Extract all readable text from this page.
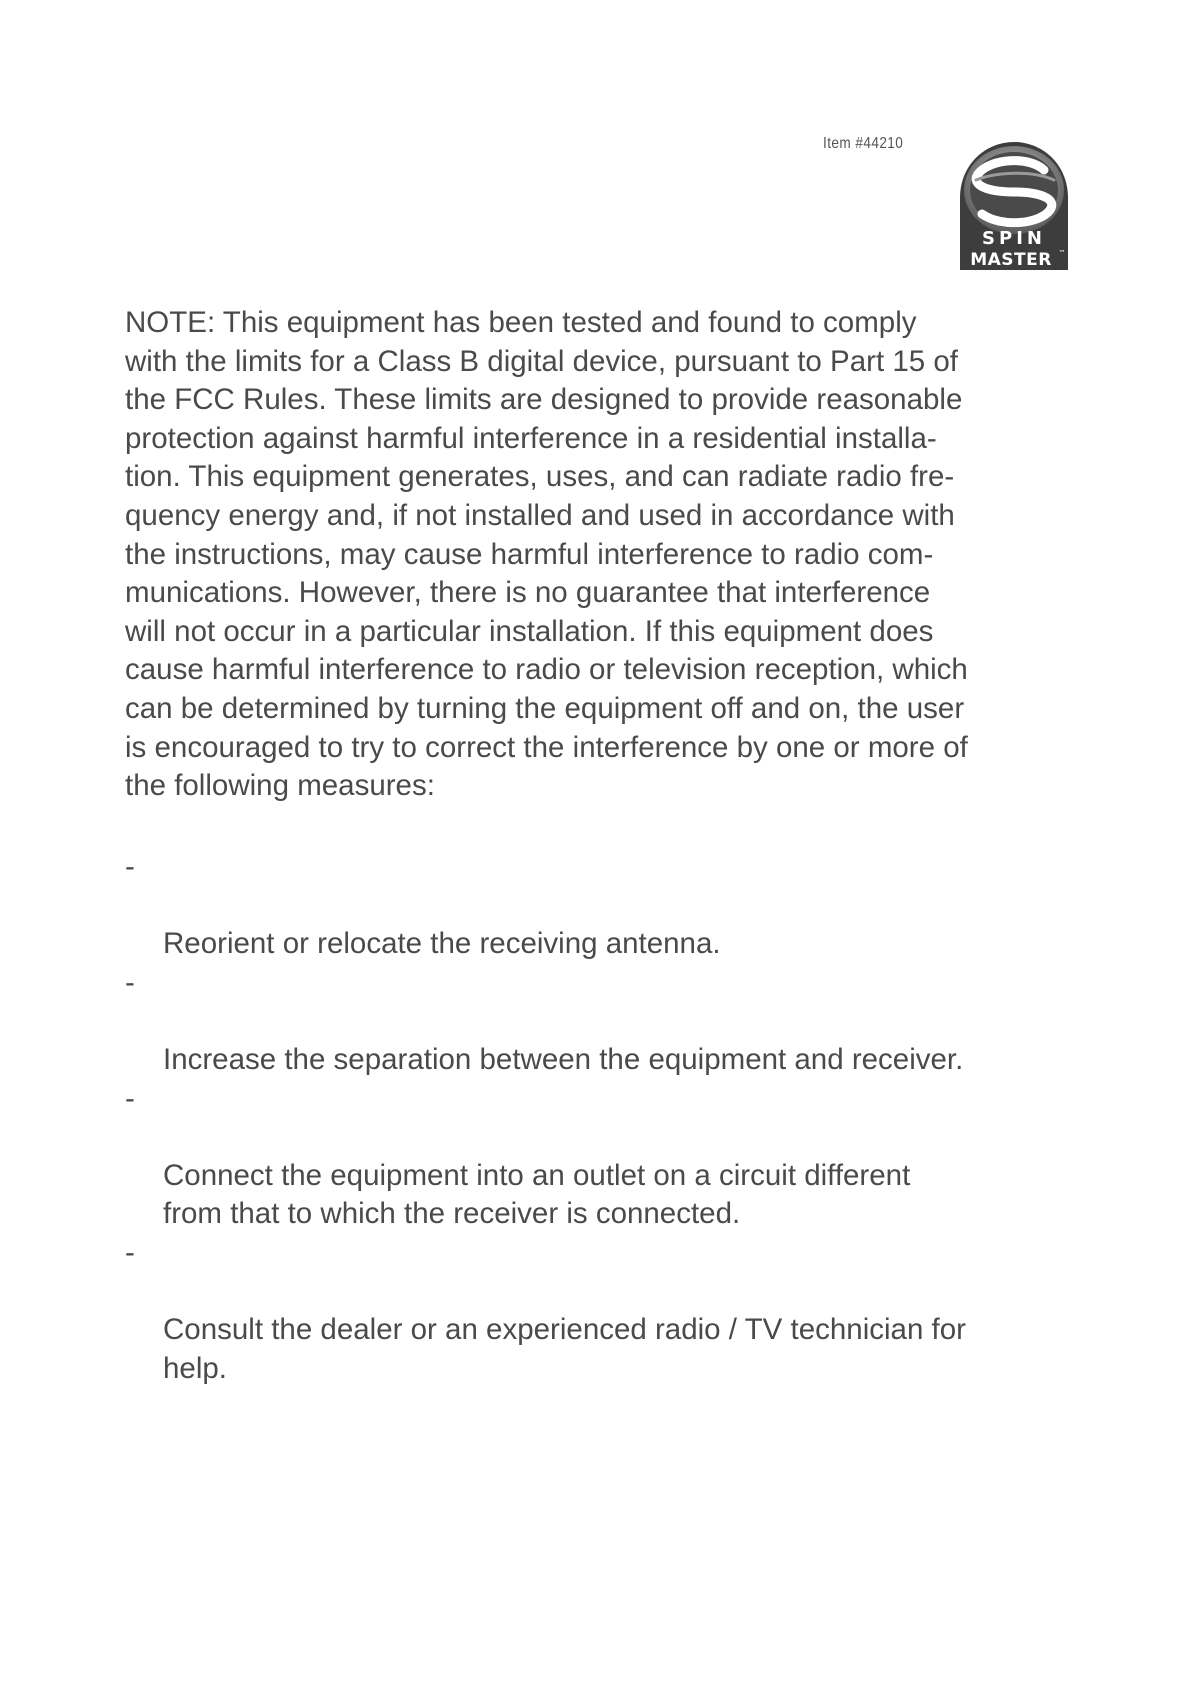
Item #44210
SPIN
MASTER ™

NOTE: This equipment has been tested and found to comply
with the limits for a Class B digital device, pursuant to Part 15 of
the FCC Rules. These limits are designed to provide reasonable
protection against harmful interference in a residential installa-
tion. This equipment generates, uses, and can radiate radio fre-
quency energy and, if not installed and used in accordance with
the instructions, may cause harmful interference to radio com-
munications. However, there is no guarantee that interference
will not occur in a particular installation. If this equipment does
cause harmful interference to radio or television reception, which
can be determined by turning the equipment off and on, the user
is encouraged to try to correct the interference by one or more of
the following measures:

-

Reorient or relocate the receiving antenna.

-

Increase the separation between the equipment and receiver.

-

Connect the equipment into an outlet on a circuit different
from that to which the receiver is connected.

-

Consult the dealer or an experienced radio / TV technician for
help.
